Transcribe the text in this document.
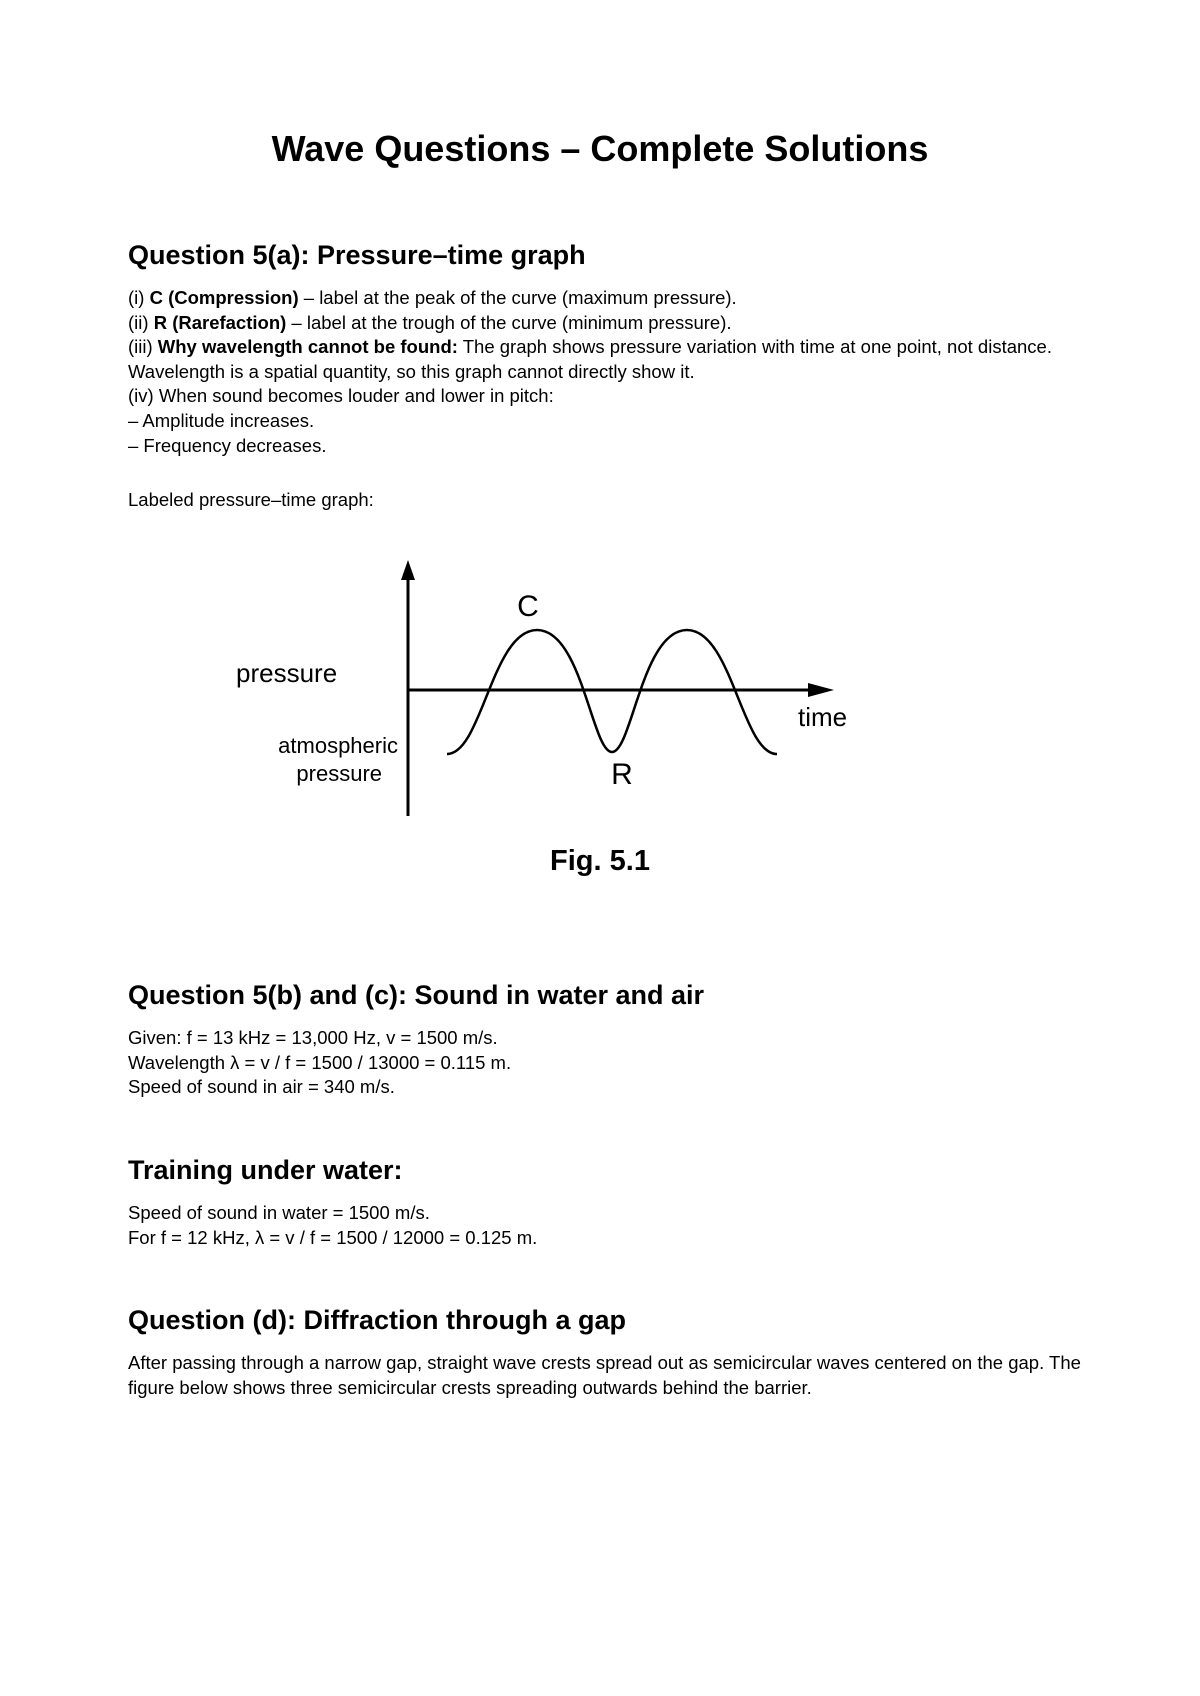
Wave Questions – Complete Solutions
Question 5(a): Pressure–time graph
(i) C (Compression) – label at the peak of the curve (maximum pressure).
(ii) R (Rarefaction) – label at the trough of the curve (minimum pressure).
(iii) Why wavelength cannot be found: The graph shows pressure variation with time at one point, not distance. Wavelength is a spatial quantity, so this graph cannot directly show it.
(iv) When sound becomes louder and lower in pitch:
– Amplitude increases.
– Frequency decreases.
Labeled pressure–time graph:
C
R
pressure
time
atmospheric
pressure
Fig. 5.1
Question 5(b) and (c): Sound in water and air
Given: f = 13 kHz = 13,000 Hz, v = 1500 m/s.
Wavelength λ = v / f = 1500 / 13000 = 0.115 m.
Speed of sound in air = 340 m/s.
Training under water:
Speed of sound in water = 1500 m/s.
For f = 12 kHz, λ = v / f = 1500 / 12000 = 0.125 m.
Question (d): Diffraction through a gap
After passing through a narrow gap, straight wave crests spread out as semicircular waves centered on the gap. The figure below shows three semicircular crests spreading outwards behind the barrier.
